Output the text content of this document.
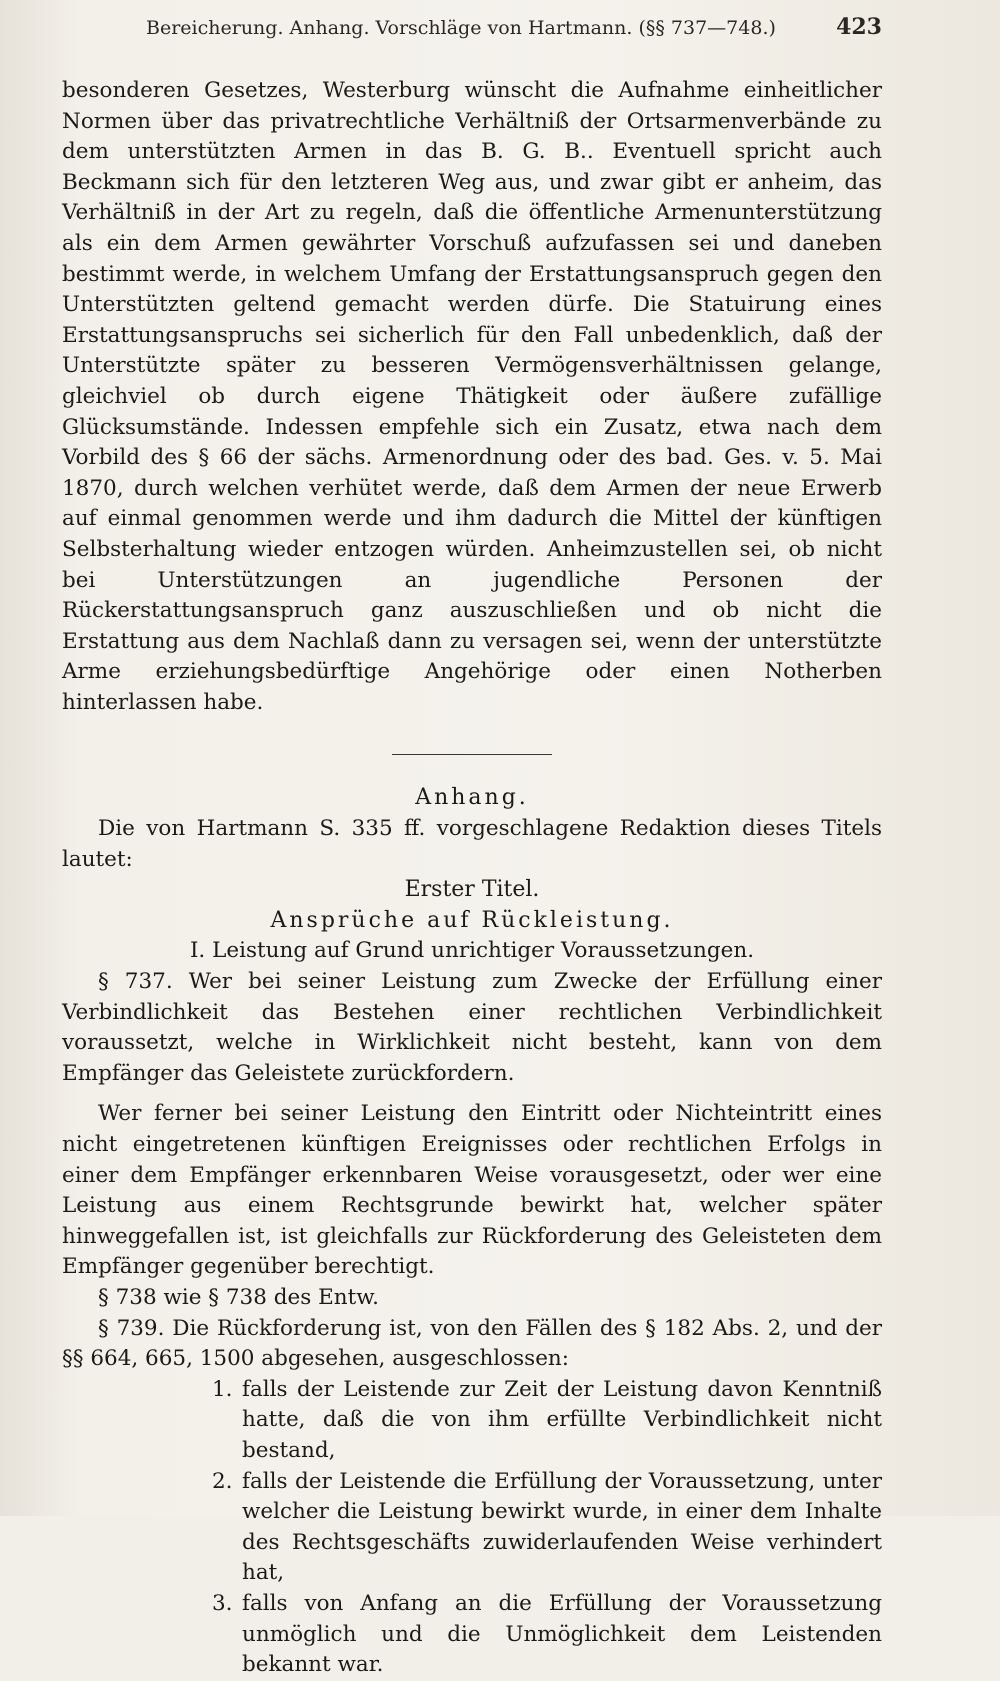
Bereicherung. Anhang. Vorschläge von Hartmann. (§§ 737—748.)	423

besonderen Gesetzes, Westerburg wünscht die Aufnahme einheitlicher Normen über das privatrechtliche Verhältniß der Ortsarmenverbände zu dem unterstützten Armen in das B. G. B.. Eventuell spricht auch Beckmann sich für den letzteren Weg aus, und zwar gibt er anheim, das Verhältniß in der Art zu regeln, daß die öffentliche Armenunterstützung als ein dem Armen gewährter Vorschuß aufzufassen sei und daneben bestimmt werde, in welchem Umfang der Erstattungsanspruch gegen den Unterstützten geltend gemacht werden dürfe. Die Statuirung eines Erstattungsanspruchs sei sicherlich für den Fall unbedenklich, daß der Unterstützte später zu besseren Vermögensverhältnissen gelange, gleichviel ob durch eigene Thätigkeit oder äußere zufällige Glücksumstände. Indessen empfehle sich ein Zusatz, etwa nach dem Vorbild des § 66 der sächs. Armenordnung oder des bad. Ges. v. 5. Mai 1870, durch welchen verhütet werde, daß dem Armen der neue Erwerb auf einmal genommen werde und ihm dadurch die Mittel der künftigen Selbsterhaltung wieder entzogen würden. Anheimzustellen sei, ob nicht bei Unterstützungen an jugendliche Personen der Rückerstattungsanspruch ganz auszuschließen und ob nicht die Erstattung aus dem Nachlaß dann zu versagen sei, wenn der unterstützte Arme erziehungsbedürftige Angehörige oder einen Notherben hinterlassen habe.

Anhang.

Die von Hartmann S. 335 ff. vorgeschlagene Redaktion dieses Titels lautet:

Erster Titel.

Ansprüche auf Rückleistung.

I. Leistung auf Grund unrichtiger Voraussetzungen.

§ 737. Wer bei seiner Leistung zum Zwecke der Erfüllung einer Verbindlichkeit das Bestehen einer rechtlichen Verbindlichkeit voraussetzt, welche in Wirklichkeit nicht besteht, kann von dem Empfänger das Geleistete zurückfordern.

Wer ferner bei seiner Leistung den Eintritt oder Nichteintritt eines nicht eingetretenen künftigen Ereignisses oder rechtlichen Erfolgs in einer dem Empfänger erkennbaren Weise vorausgesetzt, oder wer eine Leistung aus einem Rechtsgrunde bewirkt hat, welcher später hinweggefallen ist, ist gleichfalls zur Rückforderung des Geleisteten dem Empfänger gegenüber berechtigt.

§ 738 wie § 738 des Entw.

§ 739. Die Rückforderung ist, von den Fällen des § 182 Abs. 2, und der §§ 664, 665, 1500 abgesehen, ausgeschlossen:

1. falls der Leistende zur Zeit der Leistung davon Kenntniß hatte, daß die von ihm erfüllte Verbindlichkeit nicht bestand,
2. falls der Leistende die Erfüllung der Voraussetzung, unter welcher die Leistung bewirkt wurde, in einer dem Inhalte des Rechtsgeschäfts zuwiderlaufenden Weise verhindert hat,
3. falls von Anfang an die Erfüllung der Voraussetzung unmöglich und die Unmöglichkeit dem Leistenden bekannt war.
